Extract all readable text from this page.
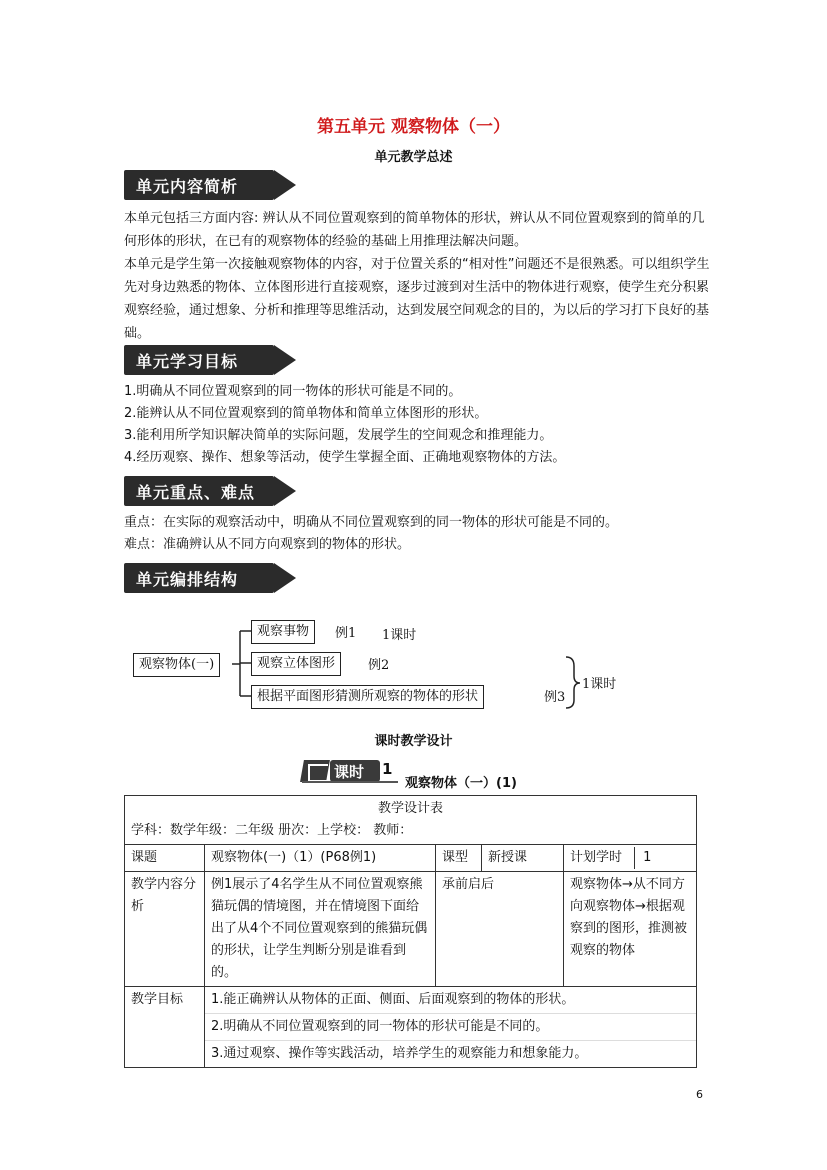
第五单元 观察物体（一）
单元教学总述
单元内容简析
本单元包括三方面内容: 辨认从不同位置观察到的简单物体的形状，辨认从不同位置观察到的简单的几何形体的形状，在已有的观察物体的经验的基础上用推理法解决问题。
本单元是学生第一次接触观察物体的内容，对于位置关系的“相对性”问题还不是很熟悉。可以组织学生先对身边熟悉的物体、立体图形进行直接观察，逐步过渡到对生活中的物体进行观察，使学生充分积累观察经验，通过想象、分析和推理等思维活动，达到发展空间观念的目的，为以后的学习打下良好的基础。
单元学习目标
1.明确从不同位置观察到的同一物体的形状可能是不同的。
2.能辨认从不同位置观察到的简单物体和简单立体图形的形状。
3.能利用所学知识解决简单的实际问题，发展学生的空间观念和推理能力。
4.经历观察、操作、想象等活动，使学生掌握全面、正确地观察物体的方法。
单元重点、难点
重点：在实际的观察活动中，明确从不同位置观察到的同一物体的形状可能是不同的。
难点：准确辨认从不同方向观察到的物体的形状。
单元编排结构
观察物体(一)
观察事物	例1 1课时
观察立体图形	例2
根据平面图形猜测所观察的物体的形状	例3
1课时
课时教学设计
课时 1
观察物体（一）(1)
教学设计表				
学科：数学年级：二年级 册次：上学校： 教师：				
课题	观察物体(一)（1）(P68例1)	课型	新授课	计划学时 1
教学内容分析	例1展示了4名学生从不同位置观察熊猫玩偶的情境图，并在情境图下面给出了从4个不同位置观察到的熊猫玩偶的形状，让学生判断分别是谁看到的。	承前启后		观察物体→从不同方向观察物体→根据观察到的图形，推测被观察的物体
教学目标	1.能正确辨认从物体的正面、侧面、后面观察到的物体的形状。
2.明确从不同位置观察到的同一物体的形状可能是不同的。
3.通过观察、操作等实践活动，培养学生的观察能力和想象能力。			
6
